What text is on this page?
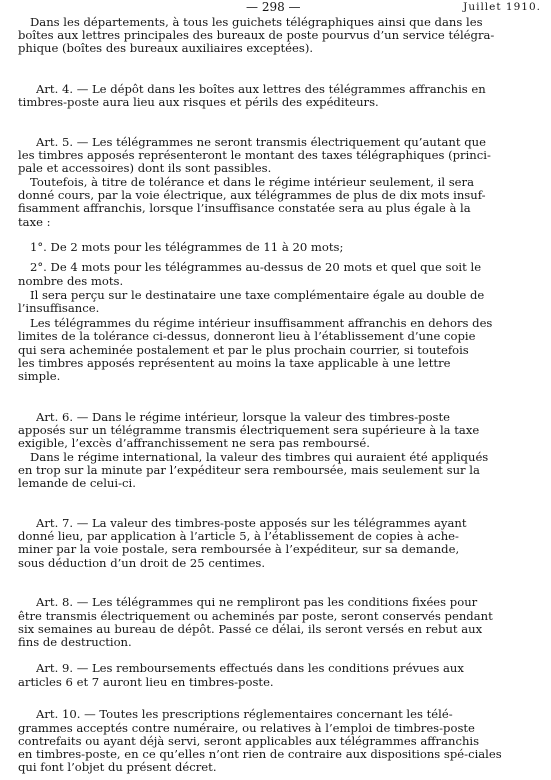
— 298 —	Juillet 1910.
Dans les départements, à tous les guichets télégraphiques ainsi que dans les
boîtes aux lettres principales des bureaux de poste pourvus d’un service télégra-
phique (boîtes des bureaux auxiliaires exceptées).
Art. 4. — Le dépôt dans les boîtes aux lettres des télégrammes affranchis en
timbres-poste aura lieu aux risques et périls des expéditeurs.
Art. 5. — Les télégrammes ne seront transmis électriquement qu’autant que
les timbres apposés représenteront le montant des taxes télégraphiques (princi-
pale et accessoires) dont ils sont passibles.
Toutefois, à titre de tolérance et dans le régime intérieur seulement, il sera
donné cours, par la voie électrique, aux télégrammes de plus de dix mots insuf-
fisamment affranchis, lorsque l’insuffisance constatée sera au plus égale à la
taxe :
1°. De 2 mots pour les télégrammes de 11 à 20 mots;
2°. De 4 mots pour les télégrammes au-dessus de 20 mots et quel que soit le
nombre des mots.
Il sera perçu sur le destinataire une taxe complémentaire égale au double de
l’insuffisance.
Les télégrammes du régime intérieur insuffisamment affranchis en dehors des
limites de la tolérance ci-dessus, donneront lieu à l’établissement d’une copie
qui sera acheminée postalement et par le plus prochain courrier, si toutefois
les timbres apposés représentent au moins la taxe applicable à une lettre
simple.
Art. 6. — Dans le régime intérieur, lorsque la valeur des timbres-poste
apposés sur un télégramme transmis électriquement sera supérieure à la taxe
exigible, l’excès d’affranchissement ne sera pas remboursé.
Dans le régime international, la valeur des timbres qui auraient été appliqués
en trop sur la minute par l’expéditeur sera remboursée, mais seulement sur la
lemande de celui-ci.
Art. 7. — La valeur des timbres-poste apposés sur les télégrammes ayant
donné lieu, par application à l’article 5, à l’établissement de copies à ache-
miner par la voie postale, sera remboursée à l’expéditeur, sur sa demande,
sous déduction d’un droit de 25 centimes.
Art. 8. — Les télégrammes qui ne rempliront pas les conditions fixées pour
être transmis électriquement ou acheminés par poste, seront conservés pendant
six semaines au bureau de dépôt. Passé ce délai, ils seront versés en rebut aux
fins de destruction.
Art. 9. — Les remboursements effectués dans les conditions prévues aux
articles 6 et 7 auront lieu en timbres-poste.
Art. 10. — Toutes les prescriptions réglementaires concernant les télé-
grammes acceptés contre numéraire, ou relatives à l’emploi de timbres-poste
contrefaits ou ayant déjà servi, seront applicables aux télégrammes affranchis
en timbres-poste, en ce qu’elles n’ont rien de contraire aux dispositions spé-ciales
qui font l’objet du présent décret.
